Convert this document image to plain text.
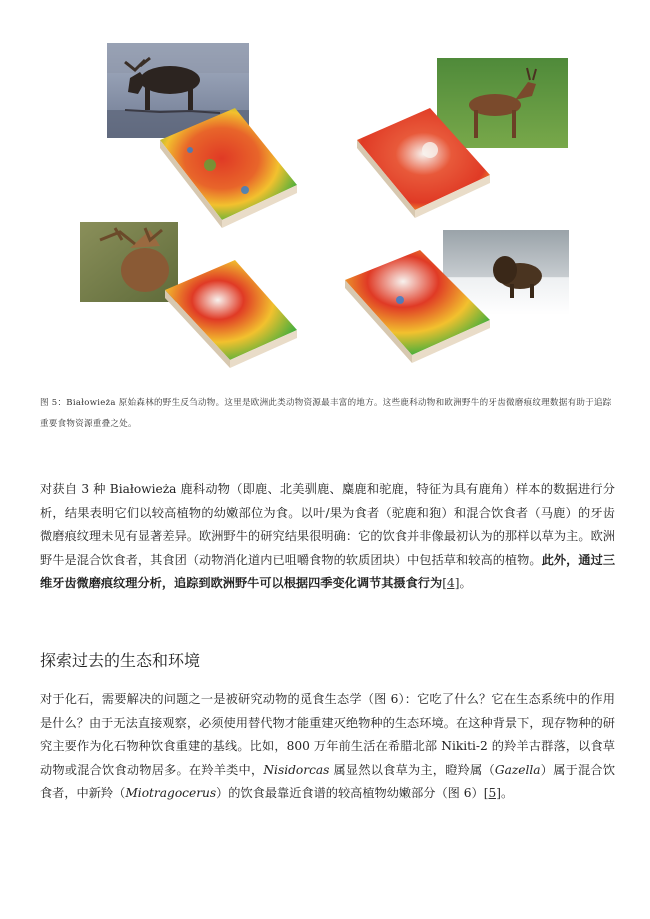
图 5：Białowieża 原始森林的野生反刍动物。这里是欧洲此类动物资源最丰富的地方。这些鹿科动物和欧洲野牛的牙齿微磨痕纹理数据有助于追踪重要食物资源重叠之处。

对获自 3 种 Białowieża 鹿科动物（即鹿、北美驯鹿、麋鹿和驼鹿，特征为具有鹿角）样本的数据进行分析，结果表明它们以较高植物的幼嫩部位为食。以叶/果为食者（驼鹿和狍）和混合饮食者（马鹿）的牙齿微磨痕纹理未见有显著差异。欧洲野牛的研究结果很明确：它的饮食并非像最初认为的那样以草为主。欧洲野牛是混合饮食者，其食团（动物消化道内已咀嚼食物的软质团块）中包括草和较高的植物。此外，通过三维牙齿微磨痕纹理分析，追踪到欧洲野牛可以根据四季变化调节其摄食行为[4]。

探索过去的生态和环境

对于化石，需要解决的问题之一是被研究动物的觅食生态学（图 6）：它吃了什么？它在生态系统中的作用是什么？由于无法直接观察，必须使用替代物才能重建灭绝物种的生态环境。在这种背景下，现存物种的研究主要作为化石物种饮食重建的基线。比如，800 万年前生活在希腊北部 Nikiti-2 的羚羊古群落，以食草动物或混合饮食动物居多。在羚羊类中，Nisidorcas 属显然以食草为主，瞪羚属（Gazella）属于混合饮食者，中新羚（Miotragocerus）的饮食最靠近食谱的较高植物幼嫩部分（图 6）[5]。
